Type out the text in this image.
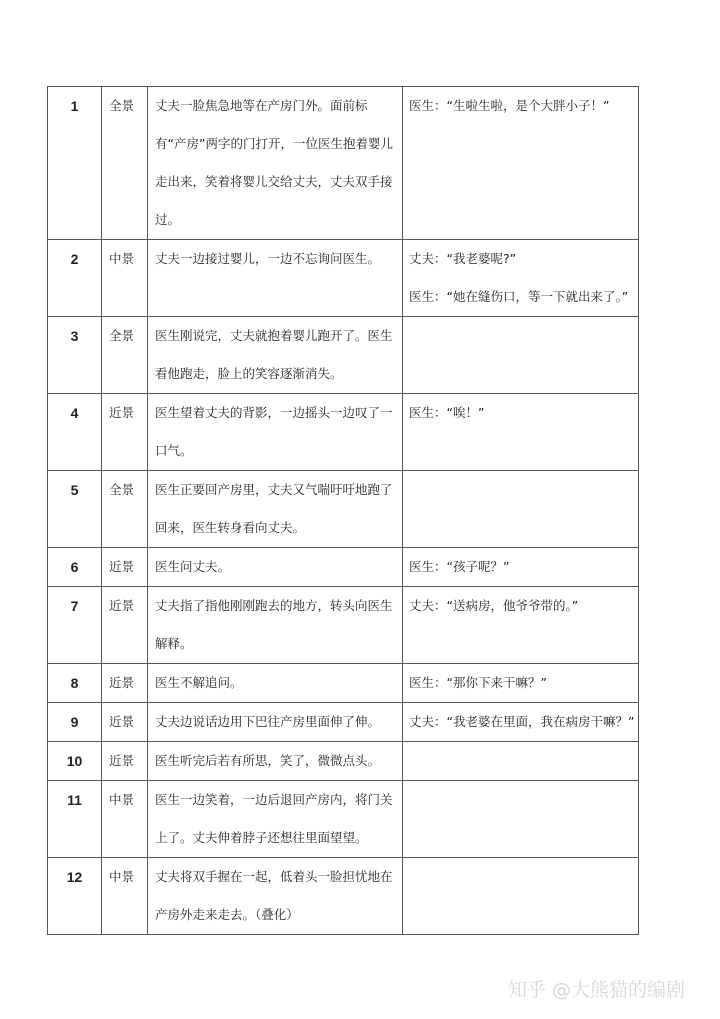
1	全景	丈夫一脸焦急地等在产房门外。面前标有“产房”两字的门打开，一位医生抱着婴儿走出来，笑着将婴儿交给丈夫，丈夫双手接过。	医生：“生啦生啦，是个大胖小子！”

2	中景	丈夫一边接过婴儿，一边不忘询问医生。	丈夫：“我老婆呢?”
医生：“她在缝伤口，等一下就出来了。”

3	全景	医生刚说完，丈夫就抱着婴儿跑开了。医生看他跑走，脸上的笑容逐渐消失。	
4	近景	医生望着丈夫的背影，一边摇头一边叹了一口气。	医生：“唉！”

5	全景	医生正要回产房里，丈夫又气喘吁吁地跑了回来，医生转身看向丈夫。	
6	近景	医生问丈夫。	医生：“孩子呢？”

7	近景	丈夫指了指他刚刚跑去的地方，转头向医生解释。	丈夫：“送病房，他爷爷带的。”

8	近景	医生不解追问。	医生：“那你下来干嘛？”

9	近景	丈夫边说话边用下巴往产房里面伸了伸。	丈夫：“我老婆在里面，我在病房干嘛？”

10	近景	医生听完后若有所思，笑了，微微点头。	
11	中景	医生一边笑着，一边后退回产房内，将门关上了。丈夫伸着脖子还想往里面望望。	
12	中景	丈夫将双手握在一起，低着头一脸担忧地在产房外走来走去。（叠化）	
知乎 @大熊猫的编剧
